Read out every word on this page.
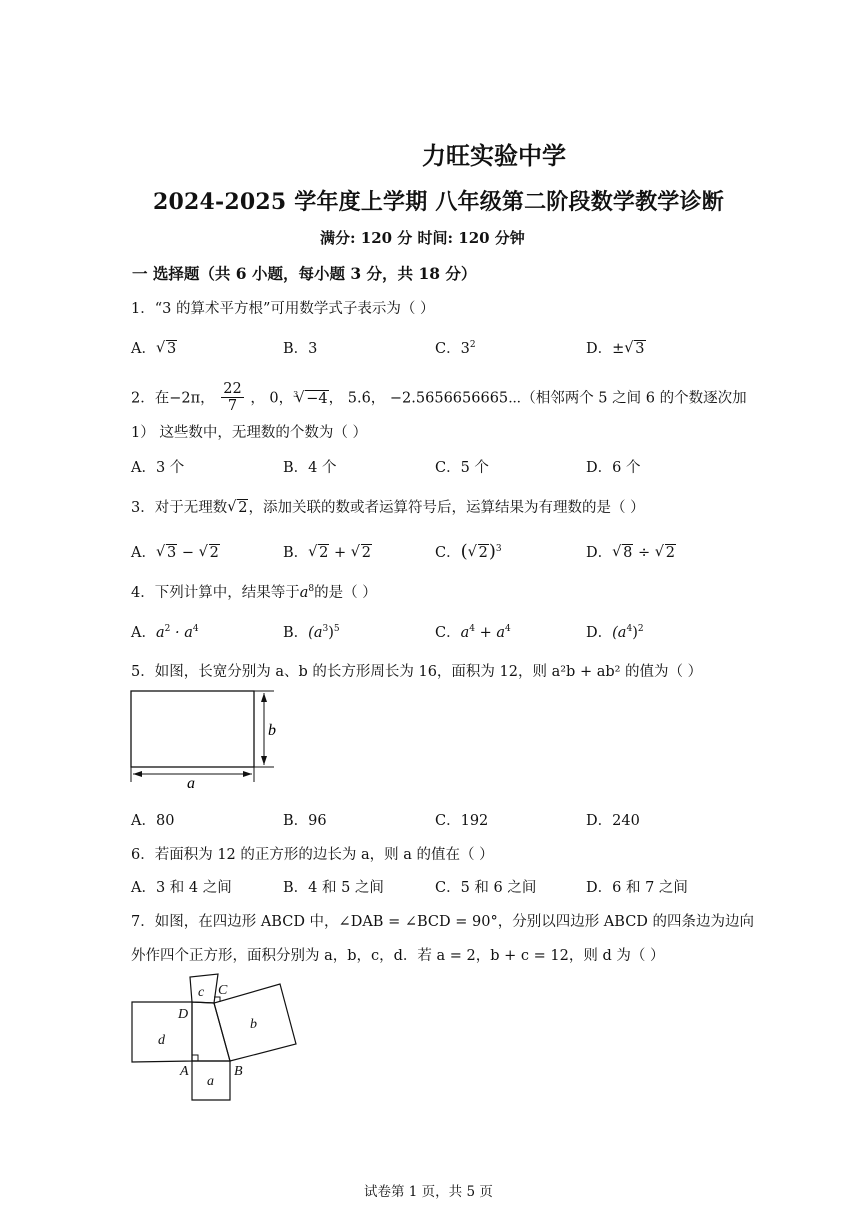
力旺实验中学
2024-2025 学年度上学期 八年级第二阶段数学教学诊断
满分: 120 分 时间: 120 分钟
一 选择题（共 6 小题，每小题 3 分，共 18 分）
1．“3 的算术平方根”可用数学式子表示为（ ）
A． √ 3	B．3	C．$3^2$	D．± √ 3
2．在−2π， $\frac{22}{7}$ ， 0，$^3$ √ −4， 5.6̇， −2.5656656665⋯（相邻两个 5 之间 6 的个数逐次加
1） 这些数中，无理数的个数为（ ）
A．3 个	B．4 个	C．5 个	D．6 个
3．对于无理数 √ 2，添加关联的数或者运算符号后，运算结果为有理数的是（ ）
A． √ 3 − √ 2	B． √ 2 + √ 2	C．( √ 2)$^3$	D． √ 8 ÷ √ 2
4．下列计算中，结果等于$a^8$的是（ ）
A．$a^2 \cdot a^4$	B．$(a^3)^5$	C．$a^4 + a^4$	D．$(a^4)^2$
5．如图，长宽分别为 a、b 的长方形周长为 16，面积为 12，则 a²b + ab² 的值为（ ）
a
b
A．80	B．96	C．192	D．240
6．若面积为 12 的正方形的边长为 a，则 a 的值在（ ）
A．3 和 4 之间	B．4 和 5 之间	C．5 和 6 之间	D．6 和 7 之间
7．如图，在四边形 ABCD 中，∠DAB = ∠BCD = 90°，分别以四边形 ABCD 的四条边为边向
外作四个正方形，面积分别为 a，b，c，d．若 a = 2，b + c = 12，则 d 为（ ）
A	B
C
D
a
b
c
d
试卷第 1 页，共 5 页
